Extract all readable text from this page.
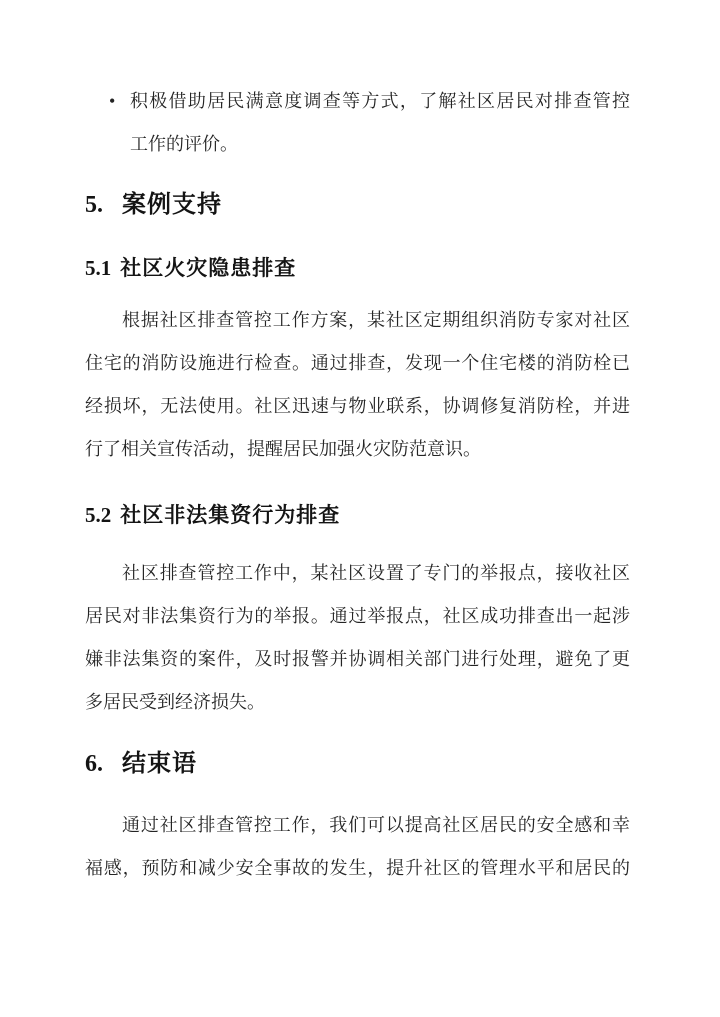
• 积极借助居民满意度调查等方式，了解社区居民对排查管控
工作的评价。
5. 案例支持
5.1 社区火灾隐患排查
根据社区排查管控工作方案，某社区定期组织消防专家对社区
住宅的消防设施进行检查。通过排查，发现一个住宅楼的消防栓已
经损坏，无法使用。社区迅速与物业联系，协调修复消防栓，并进
行了相关宣传活动，提醒居民加强火灾防范意识。
5.2 社区非法集资行为排查
社区排查管控工作中，某社区设置了专门的举报点，接收社区
居民对非法集资行为的举报。通过举报点，社区成功排查出一起涉
嫌非法集资的案件，及时报警并协调相关部门进行处理，避免了更
多居民受到经济损失。
6. 结束语
通过社区排查管控工作，我们可以提高社区居民的安全感和幸
福感，预防和减少安全事故的发生，提升社区的管理水平和居民的
